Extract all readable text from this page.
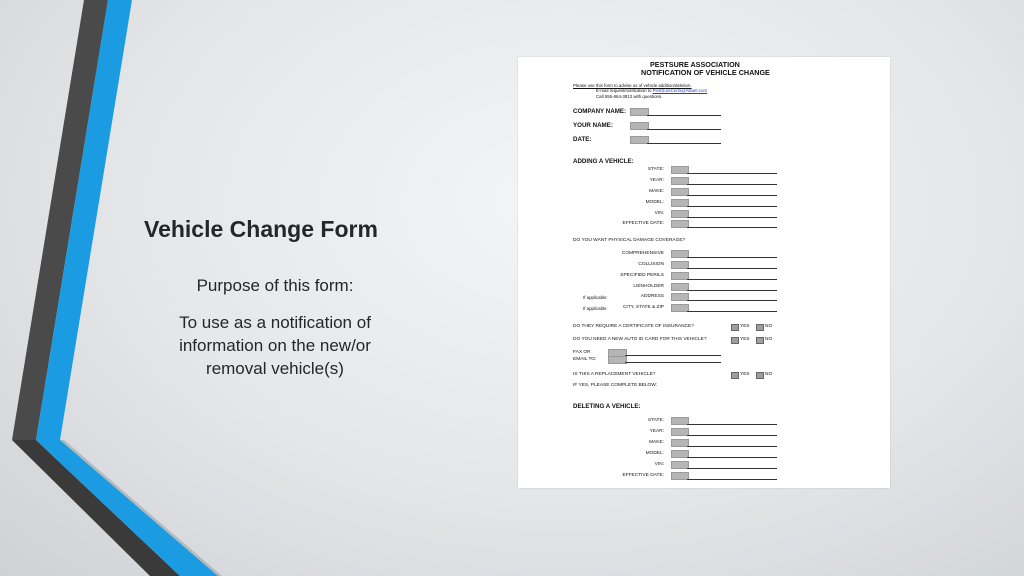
Vehicle Change Form
Purpose of this form:
To use as a notification of
information on the new/or
removal vehicle(s)
PESTSURE ASSOCIATION
NOTIFICATION OF VEHICLE CHANGE
Please use this form to advise us of vehicle addition/deletion.
E-mail request/notification to PestSureCerts@Alliant.com
Call 555-664-3813 with questions.
COMPANY NAME:
YOUR NAME:
DATE:
ADDING A VEHICLE:
STATE:
YEAR:
MAKE:
MODEL:
VIN:
EFFECTIVE DATE:
DO YOU WANT PHYSICAL DAMAGE COVERAGE?
COMPREHENSIVE
COLLISION
SPECIFIED PERILS
LIENHOLDER
ADDRESS
CITY, STATE & ZIP
If applicable:
If applicable:
DO THEY REQUIRE A CERTIFICATE OF INSURANCE?	YES	NO
DO YOU NEED A NEW AUTO ID CARD FOR THIS VEHICLE?	YES	NO
FAX OR
EMAIL TO:
IS THIS A REPLACEMENT VEHICLE?	YES	NO
IF YES, PLEASE COMPLETE BELOW:
DELETING A VEHICLE:
STATE:
YEAR:
MAKE:
MODEL:
VIN:
EFFECTIVE DATE:
